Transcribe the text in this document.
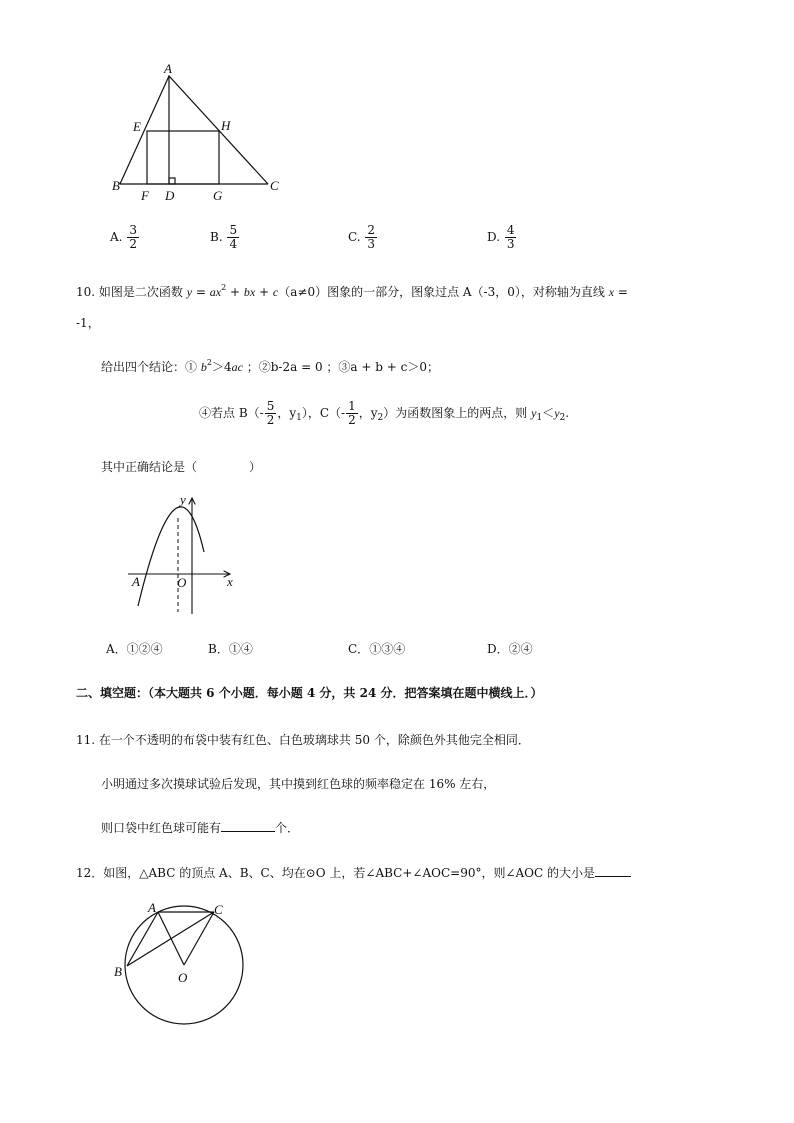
A
E	H
B	C
F D	G
A. $\frac{3}{2}$	B. $\frac{5}{4}$	C. $\frac{2}{3}$	D. $\frac{4}{3}$
10. 如图是二次函数 $y = ax^2$ + bx + c（a≠0）图象的一部分，图象过点 A（-3，0），对称轴为直线 x =
-1，
给出四个结论：① $b^2>4ac$ ；②b-2a = 0 ；③a + b + c＞0；
④若点 $B(- \frac{5}{2}$ ，$y_1$），$C(- \frac{1}{2}$ ，$y_2$）为函数图象上的两点，则 $y_1<y_2$.
其中正确结论是（	）
y
x
A	O
A．①②④	B．①④	C．①③④	D．②④
二、填空题：（本大题共 6 个小题．每小题 4 分，共 24 分．把答案填在题中横线上．）
11. 在一个不透明的布袋中装有红色、白色玻璃球共 50 个，除颜色外其他完全相同．
小明通过多次摸球试验后发现，其中摸到红色球的频率稳定在 16% 左右，
则口袋中红色球可能有	个．
12．如图，△ABC 的顶点 A、B、C、均在⊙O 上，若∠ABC+∠AOC=90°，则∠AOC 的大小是
A	C
B	O
